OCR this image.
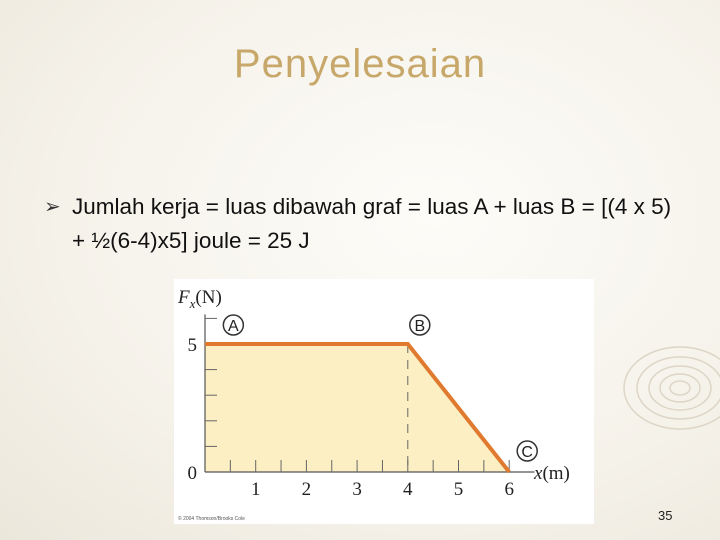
Penyelesaian
➢ Jumlah kerja = luas dibawah graf = luas A + luas B = [(4 x 5) + ½(6-4)x5] joule = 25 J
1 2 3 4 5 6
0
5
A	B
C
$F_x(N)$
x(m)
© 2004 Thomson/Brooks Cole	35
